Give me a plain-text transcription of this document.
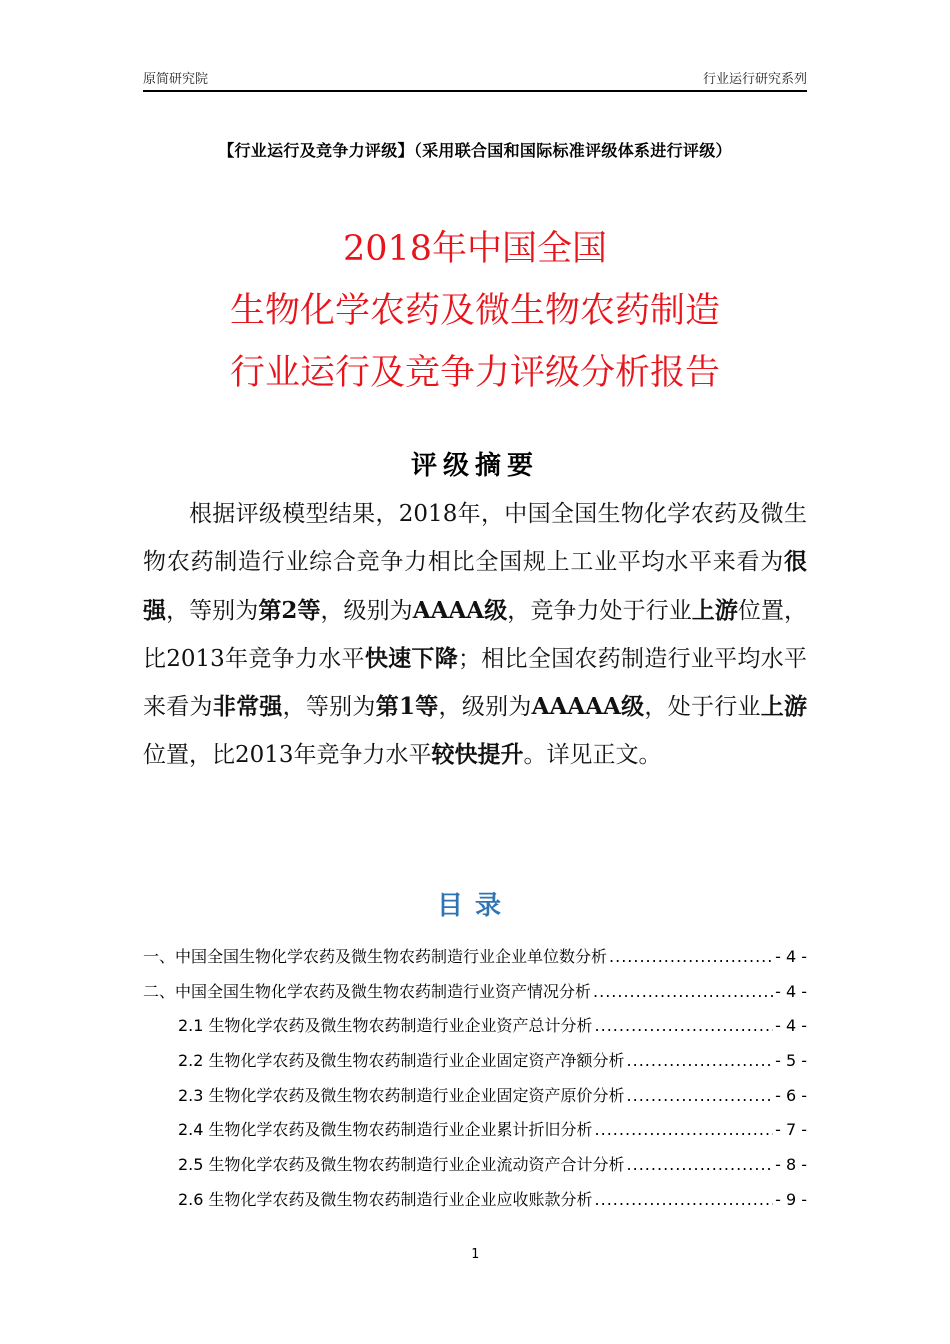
原简研究院	行业运行研究系列
【行业运行及竞争力评级】（采用联合国和国际标准评级体系进行评级）
2018年中国全国
生物化学农药及微生物农药制造
行业运行及竞争力评级分析报告
评级摘要

根据评级模型结果，2018年，中国全国生物化学农药及微生物农药制造行业综合竞争力相比全国规上工业平均水平来看为很强，等别为第2等，级别为AAAA级，竞争力处于行业上游位置，比2013年竞争力水平快速下降；相比全国农药制造行业平均水平来看为非常强，等别为第1等，级别为AAAAA级，处于行业上游位置，比2013年竞争力水平较快提升。详见正文。

目录
一、中国全国生物化学农药及微生物农药制造行业企业单位数分析 .....	- 4 -
二、中国全国生物化学农药及微生物农药制造行业资产情况分析 .....	- 4 -
2.1 生物化学农药及微生物农药制造行业企业资产总计分析 .....	- 4 -
2.2 生物化学农药及微生物农药制造行业企业固定资产净额分析 .....	- 5 -
2.3 生物化学农药及微生物农药制造行业企业固定资产原价分析 .....	- 6 -
2.4 生物化学农药及微生物农药制造行业企业累计折旧分析 .....	- 7 -
2.5 生物化学农药及微生物农药制造行业企业流动资产合计分析 .....	- 8 -
2.6 生物化学农药及微生物农药制造行业企业应收账款分析 .....	- 9 -
1
